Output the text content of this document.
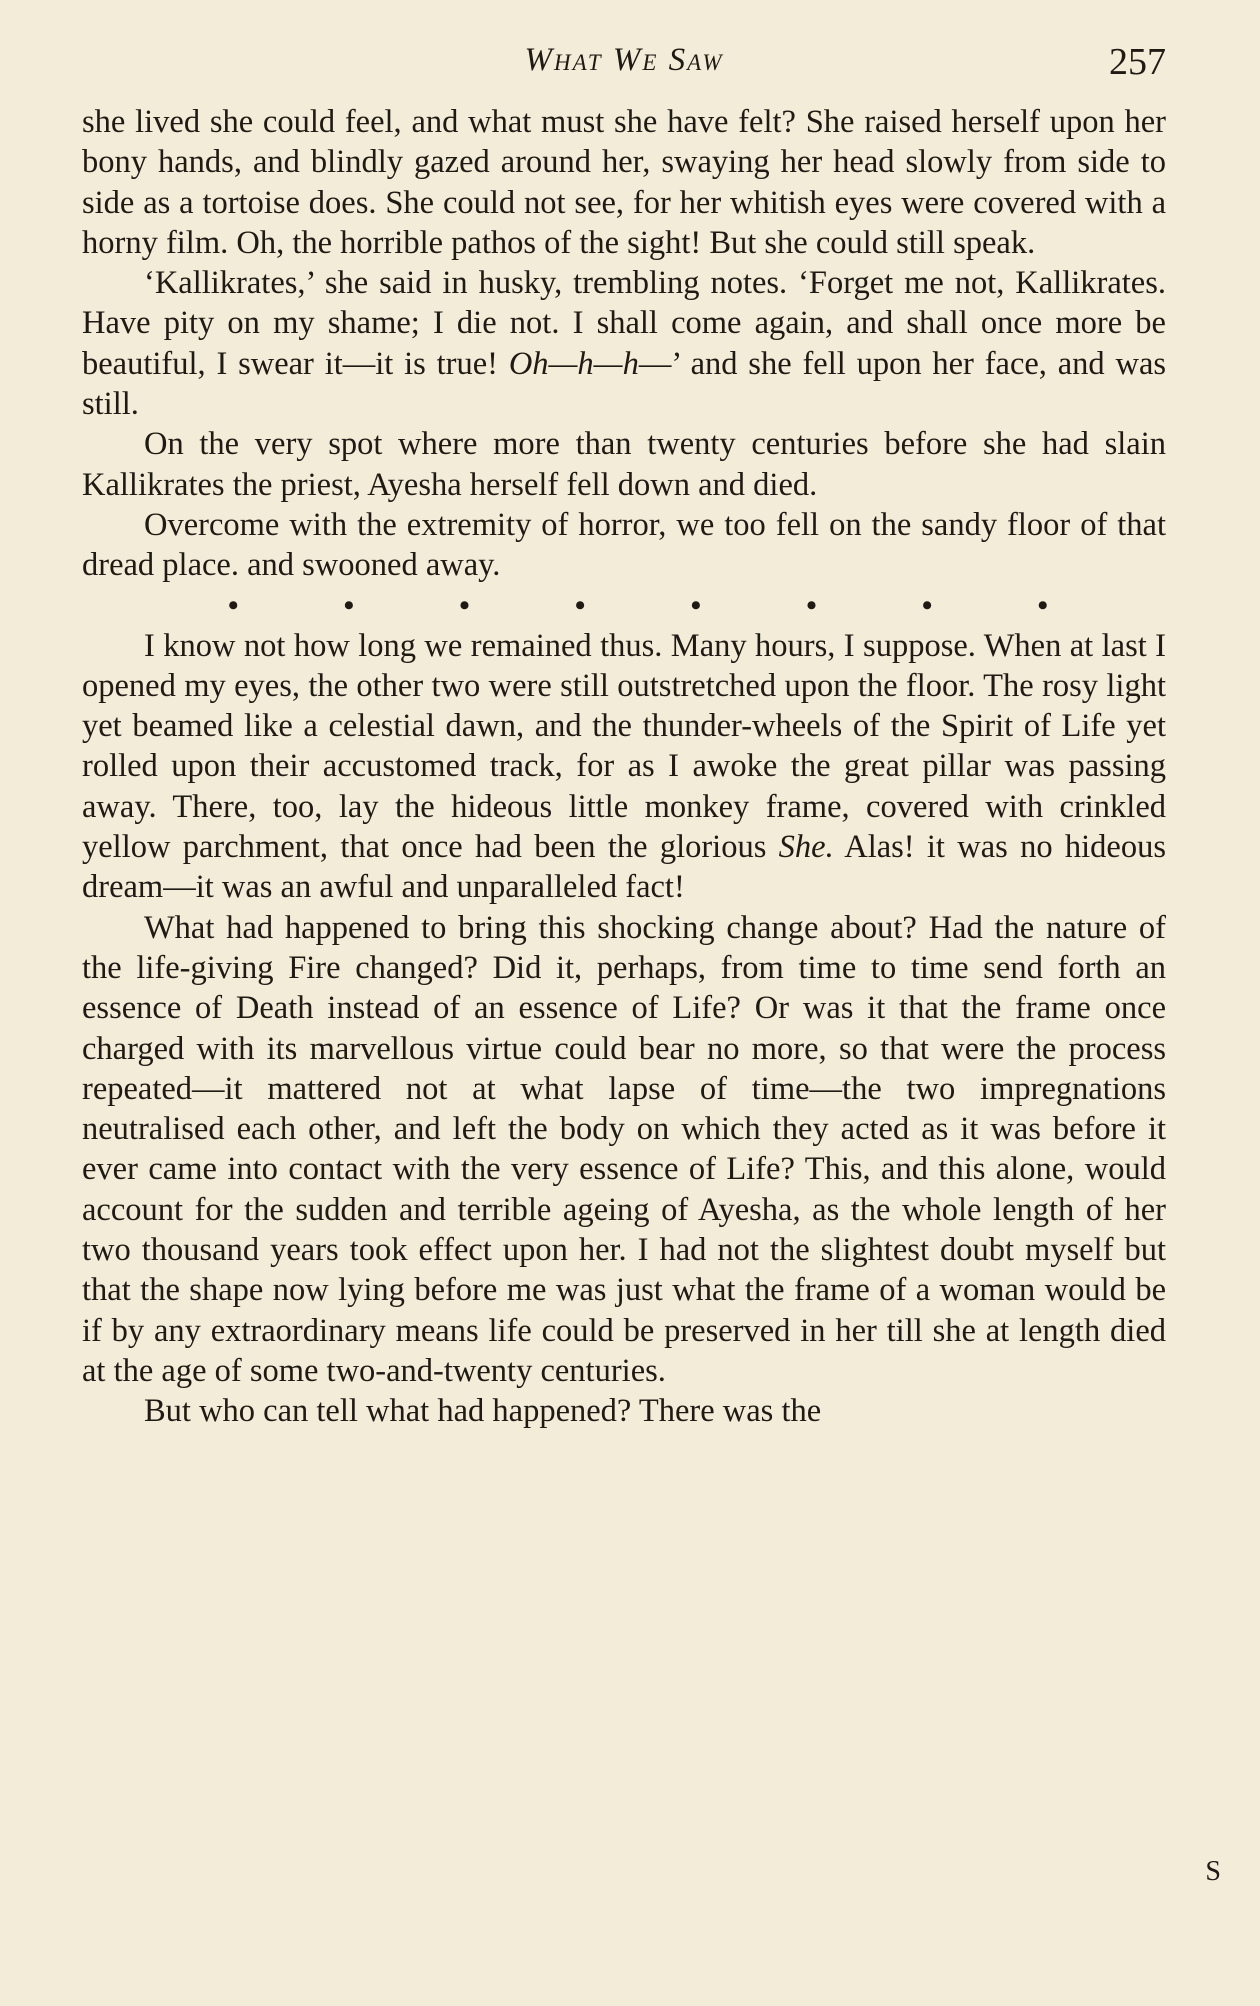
What We Saw	257

she lived she could feel, and what must she have felt? She raised herself upon her bony hands, and blindly gazed around her, swaying her head slowly from side to side as a tortoise does. She could not see, for her whitish eyes were covered with a horny film. Oh, the horrible pathos of the sight! But she could still speak.

‘Kallikrates,’ she said in husky, trembling notes. ‘Forget me not, Kallikrates. Have pity on my shame; I die not. I shall come again, and shall once more be beautiful, I swear it—it is true! Oh—h—h—’ and she fell upon her face, and was still.

On the very spot where more than twenty centuries before she had slain Kallikrates the priest, Ayesha herself fell down and died.

Overcome with the extremity of horror, we too fell on the sandy floor of that dread place. and swooned away.

•	•	•	•	•	•	•	•

I know not how long we remained thus. Many hours, I suppose. When at last I opened my eyes, the other two were still outstretched upon the floor. The rosy light yet beamed like a celestial dawn, and the thunder-wheels of the Spirit of Life yet rolled upon their accustomed track, for as I awoke the great pillar was passing away. There, too, lay the hideous little monkey frame, covered with crinkled yellow parchment, that once had been the glorious She. Alas! it was no hideous dream—it was an awful and unparalleled fact!

What had happened to bring this shocking change about? Had the nature of the life-giving Fire changed? Did it, perhaps, from time to time send forth an essence of Death instead of an essence of Life? Or was it that the frame once charged with its marvellous virtue could bear no more, so that were the process repeated—it mattered not at what lapse of time—the two impregnations neutralised each other, and left the body on which they acted as it was before it ever came into contact with the very essence of Life? This, and this alone, would account for the sudden and terrible ageing of Ayesha, as the whole length of her two thousand years took effect upon her. I had not the slightest doubt myself but that the shape now lying before me was just what the frame of a woman would be if by any extraordinary means life could be preserved in her till she at length died at the age of some two-and-twenty centuries.

But who can tell what had happened? There was the

S
